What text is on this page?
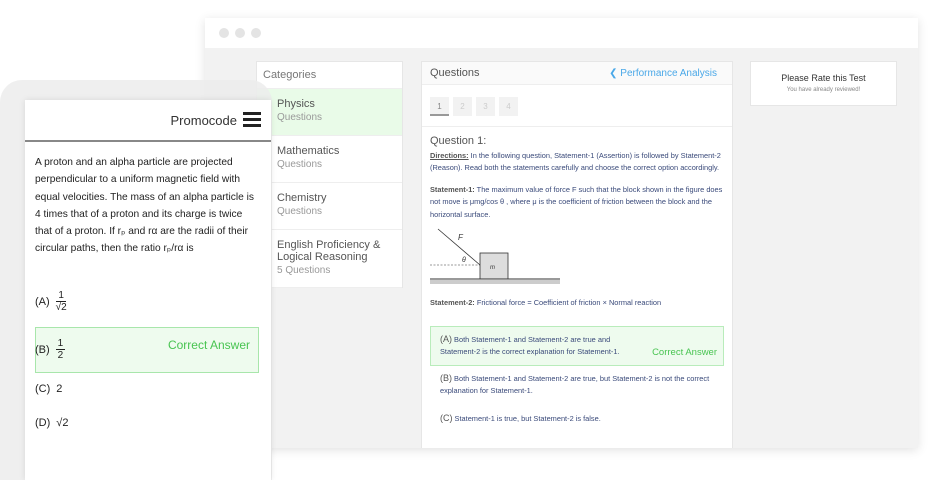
Categories
Physics
Questions
Mathematics
Questions
Chemistry
Questions
English Proficiency &
Logical Reasoning
5 Questions
Questions	❮ Performance Analysis
1	2	3	4
Question 1:

Directions: In the following question, Statement-1 (Assertion) is followed by Statement-2 (Reason). Read both the statements carefully and choose the correct option accordingly.

Statement-1: The maximum value of force F such that the block shown in the figure does not move is μmg/cos θ , where μ is the coefficient of friction between the block and the horizontal surface.

F
θ
m

Statement-2: Frictional force = Coefficient of friction × Normal reaction

(A) Both Statement-1 and Statement-2 are true and Statement-2 is the correct explanation for Statement-1.	Correct Answer
(B) Both Statement-1 and Statement-2 are true, but Statement-2 is not the correct explanation for Statement-1.
(C) Statement-1 is true, but Statement-2 is false.
Please Rate this Test
You have already reviewed!
Promocode
A proton and an alpha particle are projected perpendicular to a uniform magnetic field with equal velocities. The mass of an alpha particle is 4 times that of a proton and its charge is twice that of a proton. If rₚ and rα are the radii of their circular paths, then the ratio rₚ/rα is
$(A) \frac{1}{√2}$
Correct Answer
$(B) \frac{1}{2}$
(C) 2
(D) √2
